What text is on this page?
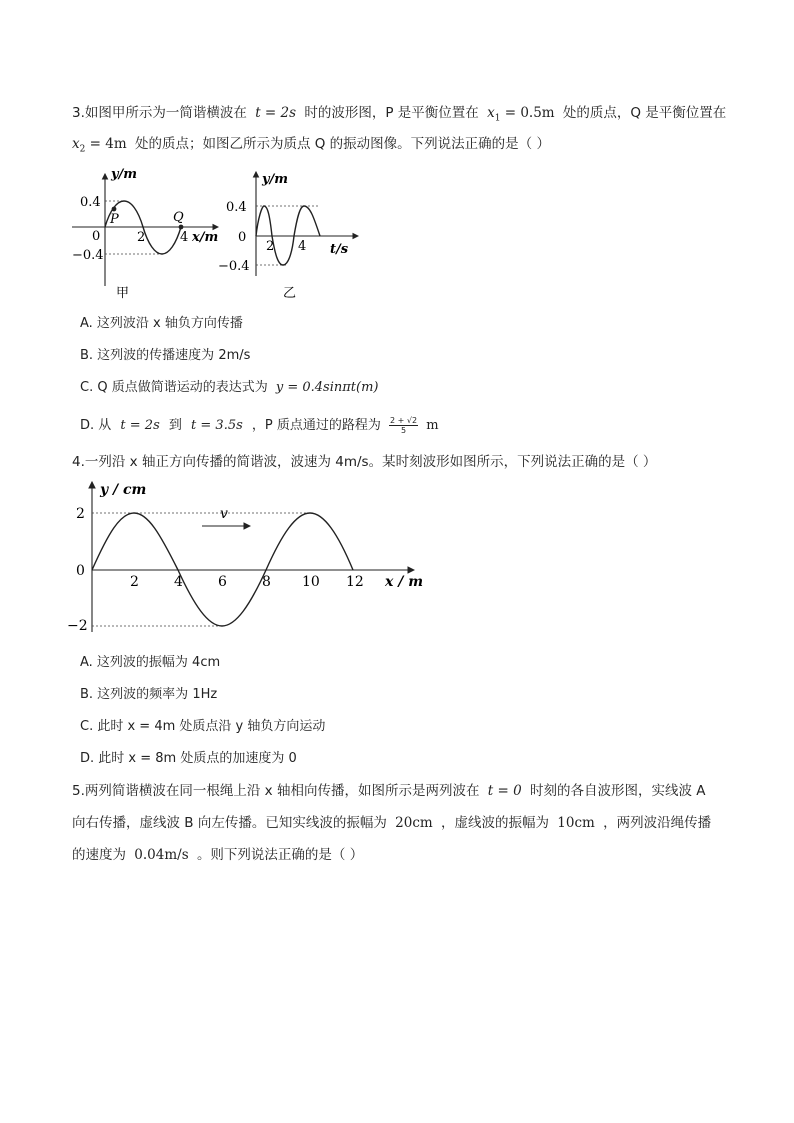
3.如图甲所示为一简谐横波在 t = 2s 时的波形图，P 是平衡位置在 $x_1 = 0.5m$ 处的质点，Q 是平衡位置在
$x_2 = 4m$ 处的质点；如图乙所示为质点 Q 的振动图像。下列说法正确的是（ ）
y/m
0.4
0
−0.4
2	4 x/m
P	Q
甲
y/m
0.4
0
−0.4
2 4 t/s
乙
A. 这列波沿 x 轴负方向传播
B. 这列波的传播速度为 2m/s
C. Q 质点做简谐运动的表达式为 y = 0.4sinπt(m)
D. 从 t = 2s 到 t = 3.5s ，P 质点通过的路程为 $\frac{2 + √2}{5}$ m
4.一列沿 x 轴正方向传播的简谐波，波速为 4m/s。某时刻波形如图所示，下列说法正确的是（ ）
v
y / cm
2
0
−2
2	4	6	8 10 12 x / m
A. 这列波的振幅为 4cm
B. 这列波的频率为 1Hz
C. 此时 x = 4m 处质点沿 y 轴负方向运动
D. 此时 x = 8m 处质点的加速度为 0
5.两列简谐横波在同一根绳上沿 x 轴相向传播，如图所示是两列波在 t = 0 时刻的各自波形图，实线波 A
向右传播，虚线波 B 向左传播。已知实线波的振幅为 20cm ，虚线波的振幅为 10cm ，两列波沿绳传播
的速度为 0.04m/s 。则下列说法正确的是（ ）
